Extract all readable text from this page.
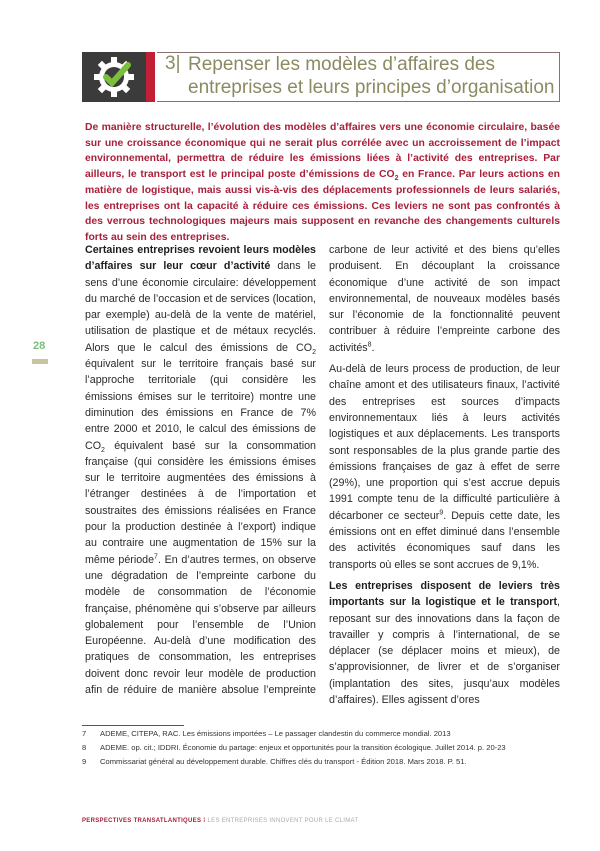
3| Repenser les modèles d’affaires des entreprises et leurs principes d’organisation
De manière structurelle, l’évolution des modèles d’affaires vers une économie circulaire, basée sur une croissance économique qui ne serait plus corrélée avec un accroissement de l’impact environnemental, permettra de réduire les émissions liées à l’activité des entreprises. Par ailleurs, le transport est le principal poste d’émissions de $CO_2$ en France. Par leurs actions en matière de logistique, mais aussi vis-à-vis des déplacements professionnels de leurs salariés, les entreprises ont la capacité à réduire ces émissions. Ces leviers ne sont pas confrontés à des verrous technologiques majeurs mais supposent en revanche des changements culturels forts au sein des entreprises.
28

Certaines entreprises revoient leurs modèles d’affaires sur leur cœur d’activité dans le sens d’une économie circulaire: développement du marché de l’occasion et de services (location, par exemple) au-delà de la vente de matériel, utilisation de plastique et de métaux recyclés. Alors que le calcul des émissions de $CO_2$ équivalent sur le territoire français basé sur l’approche territoriale (qui considère les émissions émises sur le territoire) montre une diminution des émissions en France de 7% entre 2000 et 2010, le calcul des émissions de $CO_2$ équivalent basé sur la consommation française (qui considère les émissions émises sur le territoire augmentées des émissions à l’étranger destinées à de l’importation et soustraites des émissions réalisées en France pour la production destinée à l’export) indique au contraire une augmentation de 15% sur la même période$^7$. En d’autres termes, on observe une dégradation de l’empreinte carbone du modèle de consommation de l’économie française, phénomène qui s’observe par ailleurs globalement pour l’ensemble de l’Union Européenne. Au-delà d’une modification des pratiques de consommation, les entreprises doivent donc revoir leur modèle de production afin de réduire de manière absolue l’empreinte carbone de leur activité et des biens qu’elles produisent. En découplant la croissance économique d’une activité de son impact environnemental, de nouveaux modèles basés sur l’économie de la fonctionnalité peuvent contribuer à réduire l’empreinte carbone des activités$^8$.

Au-delà de leurs process de production, de leur chaîne amont et des utilisateurs finaux, l’activité des entreprises est sources d’impacts environnementaux liés à leurs activités logistiques et aux déplacements. Les transports sont responsables de la plus grande partie des émissions françaises de gaz à effet de serre (29%), une proportion qui s’est accrue depuis 1991 compte tenu de la difficulté particulière à décarboner ce secteur$^9$. Depuis cette date, les émissions ont en effet diminué dans l’ensemble des activités économiques sauf dans les transports où elles se sont accrues de 9,1%.

Les entreprises disposent de leviers très importants sur la logistique et le transport, reposant sur des innovations dans la façon de travailler y compris à l’international, de se déplacer (se déplacer moins et mieux), de s’approvisionner, de livrer et de s’organiser (implantation des sites, jusqu’aux modèles d’affaires). Elles agissent d’ores

7	ADEME, CITEPA, RAC. Les émissions importées – Le passager clandestin du commerce mondial. 2013
8	ADEME. op. cit.; IDDRI. Économie du partage: enjeux et opportunités pour la transition écologique. Juillet 2014. p. 20-23
9	Commissariat général au développement durable. Chiffres clés du transport - Édition 2018. Mars 2018. P. 51.
PERSPECTIVES TRANSATLANTIQUES ⁞ LES ENTREPRISES INNOVENT POUR LE CLIMAT
